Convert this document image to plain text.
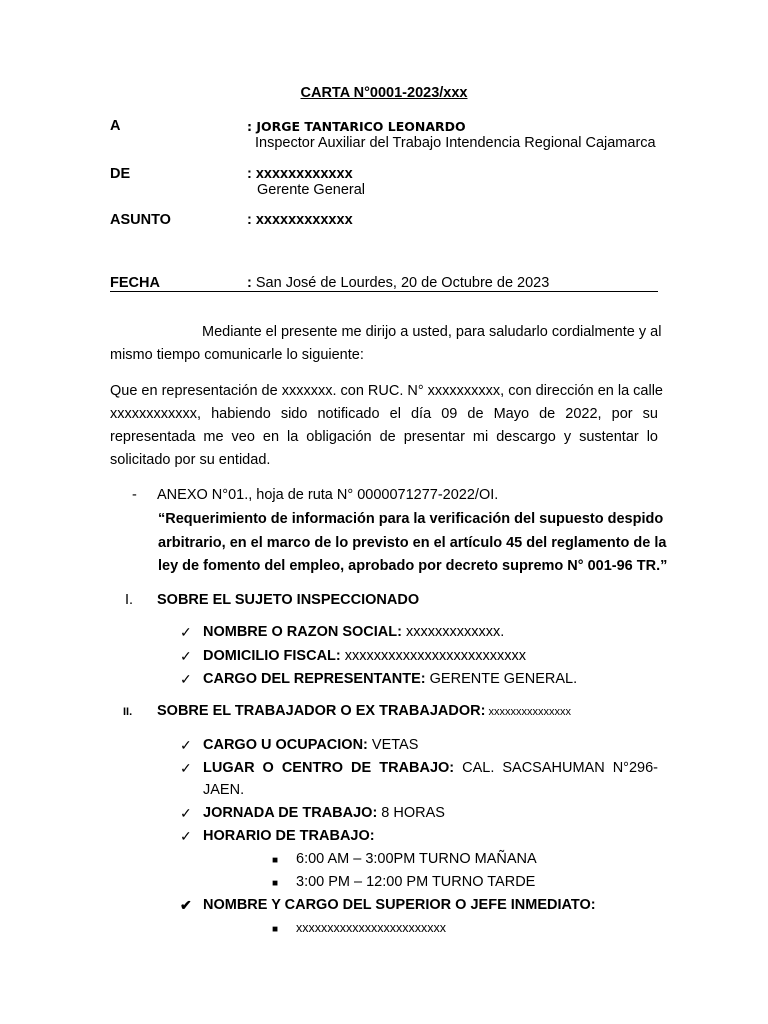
CARTA N°0001-2023/xxx
A	: JORGE TANTARICO LEONARDO
Inspector Auxiliar del Trabajo Intendencia Regional Cajamarca
DE	: xxxxxxxxxxxx
Gerente General
ASUNTO	: xxxxxxxxxxxx
FECHA	: San José de Lourdes, 20 de Octubre de 2023
Mediante el presente me dirijo a usted, para saludarlo cordialmente y al
mismo tiempo comunicarle lo siguiente:
Que en representación de xxxxxxx. con RUC. N° xxxxxxxxxx, con dirección en la calle
xxxxxxxxxxxx, habiendo sido notificado el día 09 de Mayo de 2022, por su
representada me veo en la obligación de presentar mi descargo y sustentar lo
solicitado por su entidad.
- ANEXO N°01., hoja de ruta N° 0000071277-2022/OI.
“Requerimiento de información para la verificación del supuesto despido
arbitrario, en el marco de lo previsto en el artículo 45 del reglamento de la
ley de fomento del empleo, aprobado por decreto supremo N° 001-96 TR.”
I. SOBRE EL SUJETO INSPECCIONADO
✓ NOMBRE O RAZON SOCIAL: xxxxxxxxxxxxx.
✓ DOMICILIO FISCAL: xxxxxxxxxxxxxxxxxxxxxxxxx
✓ CARGO DEL REPRESENTANTE: GERENTE GENERAL.
II. SOBRE EL TRABAJADOR O EX TRABAJADOR: xxxxxxxxxxxxxxx
✓ CARGO U OCUPACION: VETAS
✓ LUGAR O CENTRO DE TRABAJO: CAL. SACSAHUMAN N°296-
JAEN.
✓ JORNADA DE TRABAJO: 8 HORAS
✓ HORARIO DE TRABAJO:
■ 6:00 AM – 3:00PM TURNO MAÑANA
■ 3:00 PM – 12:00 PM TURNO TARDE
✔ NOMBRE Y CARGO DEL SUPERIOR O JEFE INMEDIATO:
■ xxxxxxxxxxxxxxxxxxxxxxxx
